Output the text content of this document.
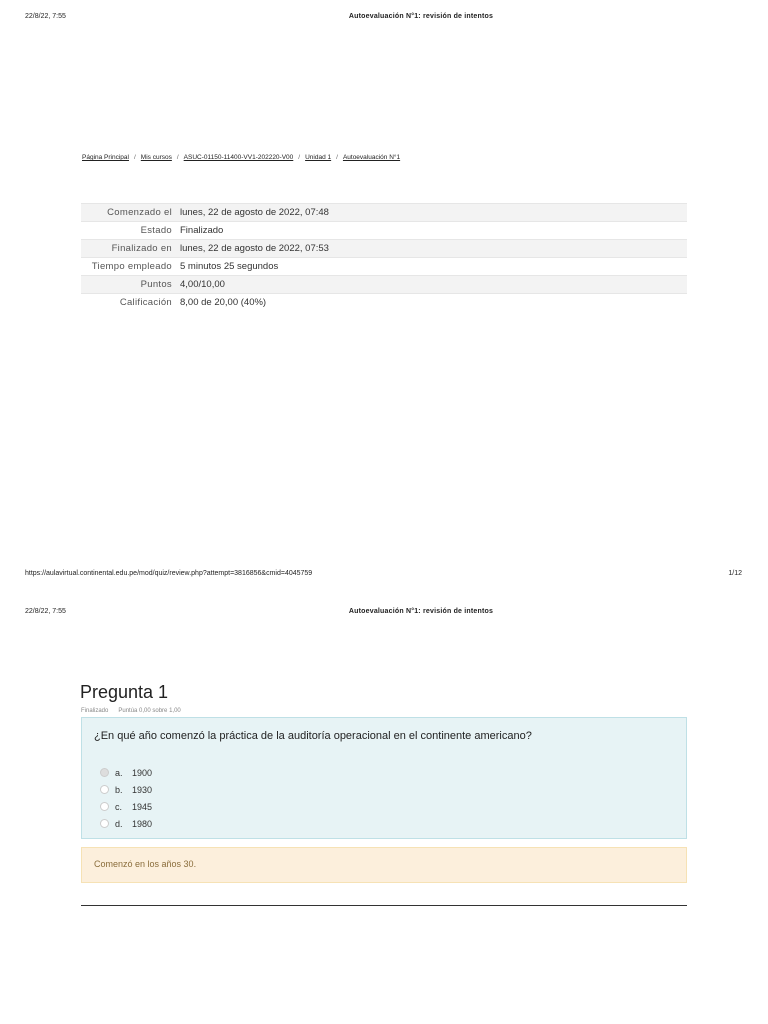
22/8/22, 7:55	Autoevaluación N°1: revisión de intentos
Página Principal / Mis cursos / ASUC-01150-11400-VV1-202220-V00 / Unidad 1 / Autoevaluación N°1
Comenzado el	lunes, 22 de agosto de 2022, 07:48
Estado	Finalizado
Finalizado en	lunes, 22 de agosto de 2022, 07:53
Tiempo empleado	5 minutos 25 segundos
Puntos	4,00/10,00
Calificación	8,00 de 20,00 (40%)
https://aulavirtual.continental.edu.pe/mod/quiz/review.php?attempt=3816856&cmid=4045759	1/12
22/8/22, 7:55	Autoevaluación N°1: revisión de intentos
Pregunta 1
Finalizado Puntúa 0,00 sobre 1,00
¿En qué año comenzó la práctica de la auditoría operacional en el continente americano?
a.	1900
b.	1930
c.	1945
d.	1980
Comenzó en los años 30.
